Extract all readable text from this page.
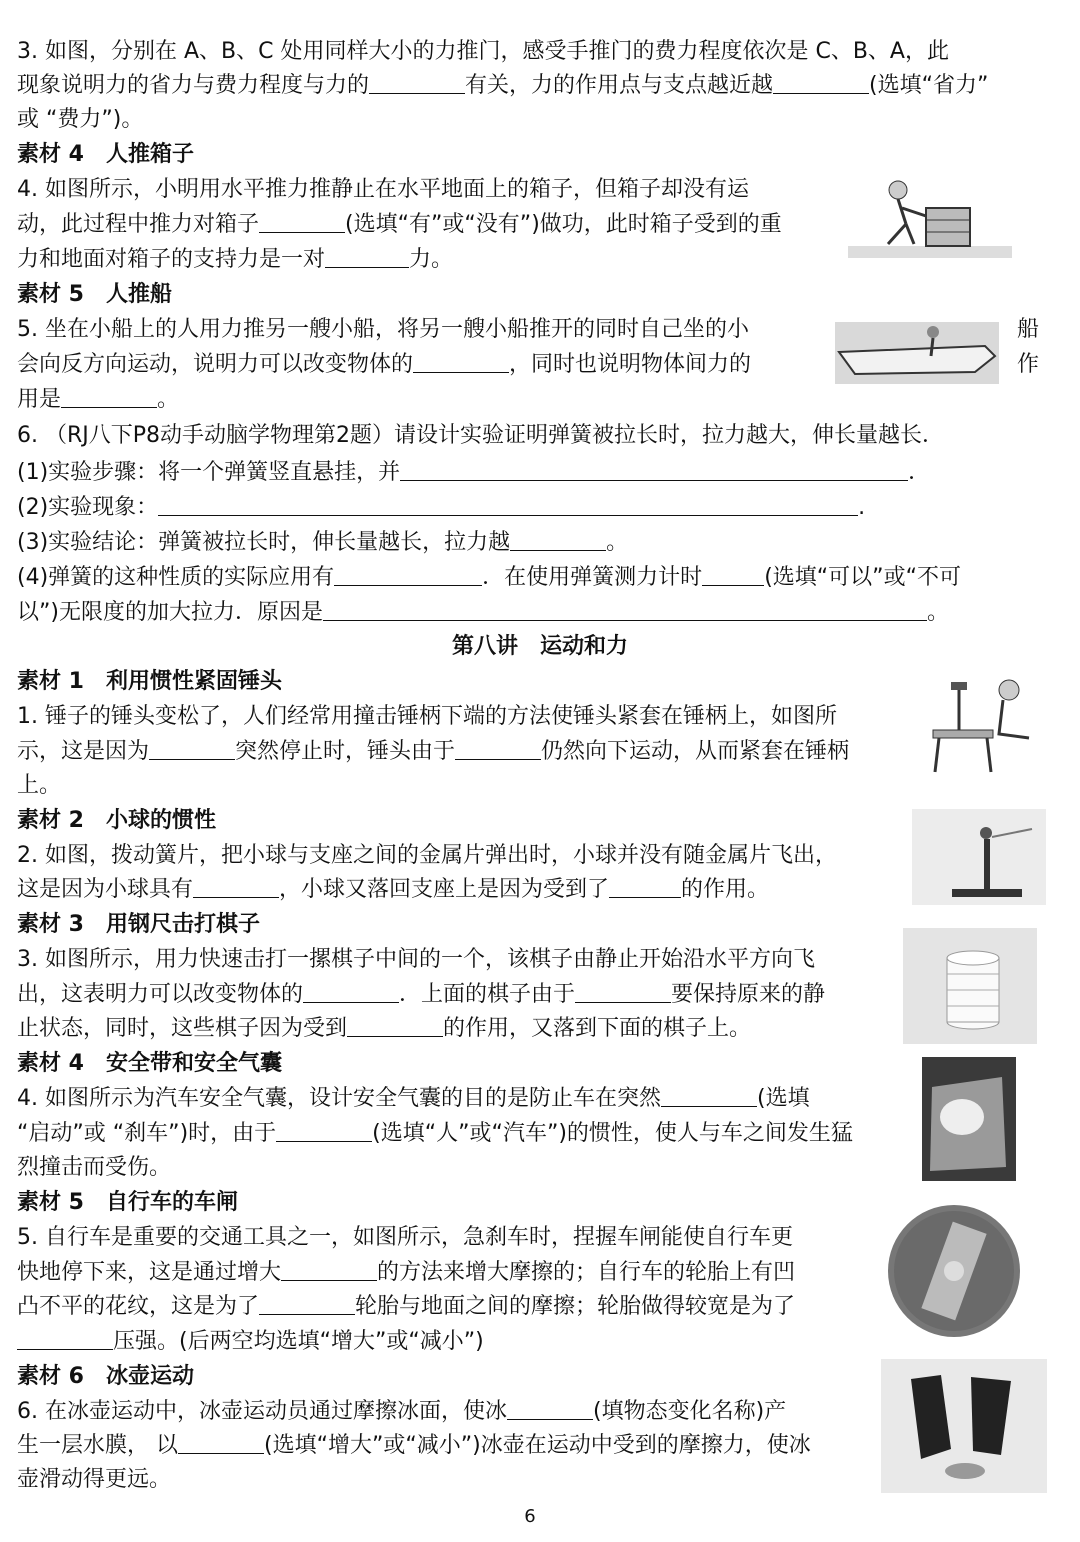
3. 如图，分别在 A、B、C 处用同样大小的力推门，感受手推门的费力程度依次是 C、B、A，此
现象说明力的省力与费力程度与力的	有关，力的作用点与支点越近越	(选填“省力”
或 “费力”)。
素材 4　人推箱子
4. 如图所示，小明用水平推力推静止在水平地面上的箱子，但箱子却没有运
动，此过程中推力对箱子	(选填“有”或“没有”)做功，此时箱子受到的重
力和地面对箱子的支持力是一对	力。
素材 5　人推船
5. 坐在小船上的人用力推另一艘小船，将另一艘小船推开的同时自己坐的小	船
会向反方向运动，说明力可以改变物体的	，同时也说明物体间力的	作
用是	。
6. （RJ八下P8动手动脑学物理第2题）请设计实验证明弹簧被拉长时，拉力越大，伸长量越长．
(1)实验步骤：将一个弹簧竖直悬挂，并	．
(2)实验现象：	.
(3)实验结论：弹簧被拉长时，伸长量越长，拉力越	。
(4)弹簧的这种性质的实际应用有	．在使用弹簧测力计时	(选填“可以”或“不可
以”)无限度的加大拉力．原因是	。
第八讲　运动和力
素材 1　利用惯性紧固锤头
1. 锤子的锤头变松了，人们经常用撞击锤柄下端的方法使锤头紧套在锤柄上，如图所
示，这是因为	突然停止时，锤头由于	仍然向下运动，从而紧套在锤柄
上。
素材 2　小球的惯性
2. 如图，拨动簧片，把小球与支座之间的金属片弹出时，小球并没有随金属片飞出，
这是因为小球具有	，小球又落回支座上是因为受到了	的作用。
素材 3　用钢尺击打棋子
3. 如图所示，用力快速击打一摞棋子中间的一个，该棋子由静止开始沿水平方向飞
出，这表明力可以改变物体的	．上面的棋子由于	要保持原来的静
止状态，同时，这些棋子因为受到	的作用，又落到下面的棋子上。
素材 4　安全带和安全气囊
4. 如图所示为汽车安全气囊，设计安全气囊的目的是防止车在突然	(选填
“启动”或 “刹车”)时，由于	(选填“人”或“汽车”)的惯性，使人与车之间发生猛
烈撞击而受伤。
素材 5　自行车的车闸
5. 自行车是重要的交通工具之一，如图所示，急刹车时，捏握车闸能使自行车更
快地停下来，这是通过增大	的方法来增大摩擦的；自行车的轮胎上有凹
凸不平的花纹，这是为了	轮胎与地面之间的摩擦；轮胎做得较宽是为了
压强。(后两空均选填“增大”或“减小”)
素材 6　冰壶运动
6. 在冰壶运动中，冰壶运动员通过摩擦冰面，使冰	(填物态变化名称)产
生一层水膜， 以	(选填“增大”或“减小”)冰壶在运动中受到的摩擦力，使冰
壶滑动得更远。
6
